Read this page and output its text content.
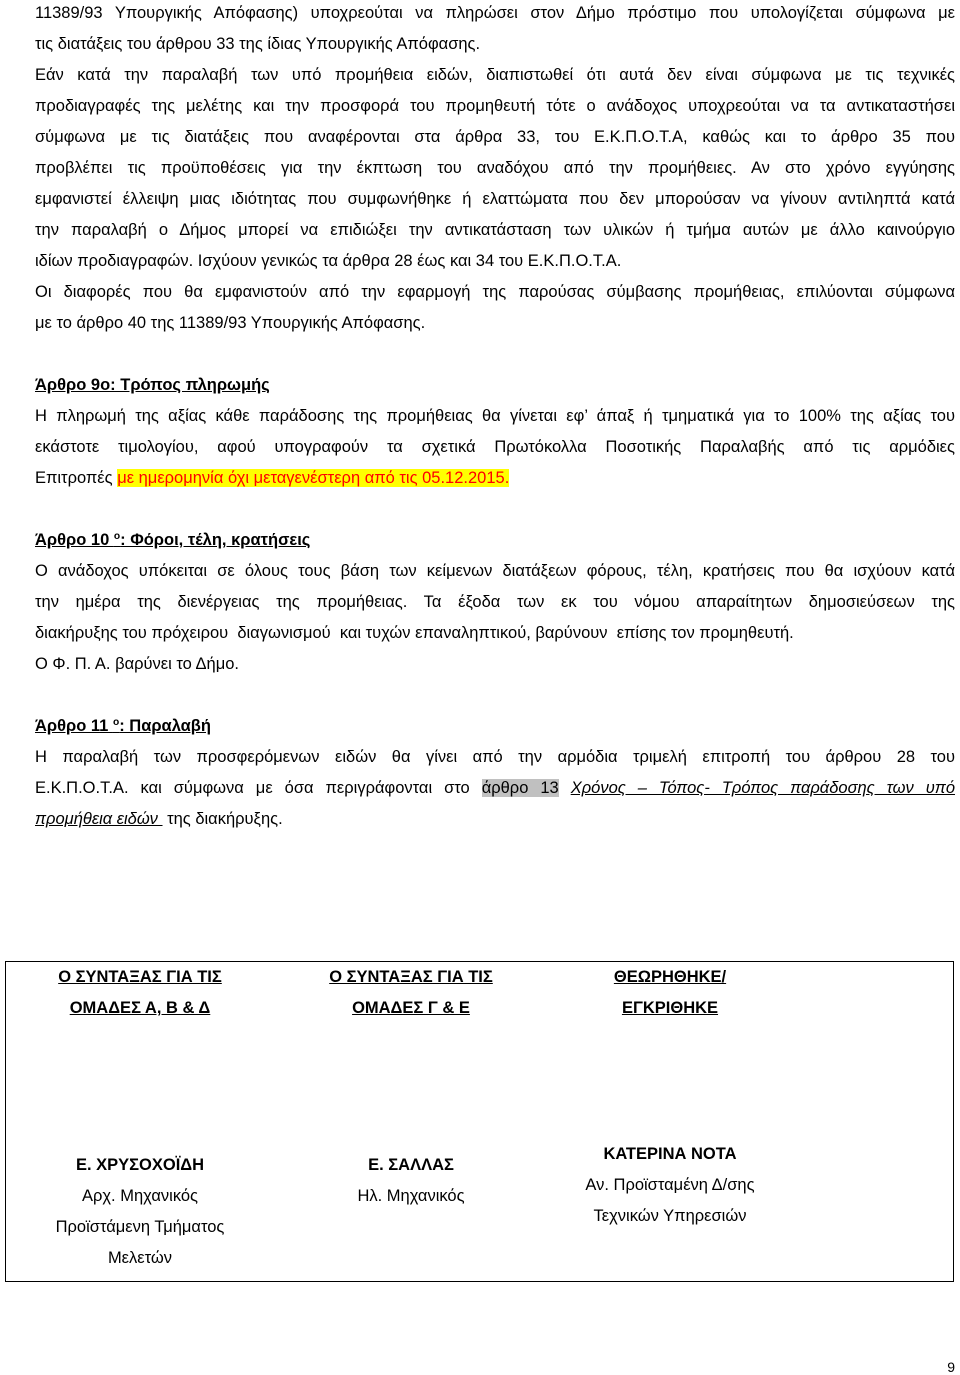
11389/93 Υπουργικής Απόφασης) υποχρεούται να πληρώσει στον Δήμο πρόστιμο που υπολογίζεται σύμφωνα με
τις διατάξεις του άρθρου 33 της ίδιας Υπουργικής Απόφασης.
Εάν κατά την παραλαβή των υπό προμήθεια ειδών, διαπιστωθεί ότι αυτά δεν είναι σύμφωνα με τις τεχνικές
προδιαγραφές της μελέτης και την προσφορά του προμηθευτή τότε ο ανάδοχος υποχρεούται να τα αντικαταστήσει
σύμφωνα με τις διατάξεις που αναφέρονται στα άρθρα 33, του Ε.Κ.Π.Ο.Τ.Α, καθώς και το άρθρο 35 που
προβλέπει τις προϋποθέσεις για την έκπτωση του αναδόχου από την προμήθειες. Αν στο χρόνο εγγύησης
εμφανιστεί έλλειψη μιας ιδιότητας που συμφωνήθηκε ή ελαττώματα που δεν μπορούσαν να γίνουν αντιληπτά κατά
την παραλαβή ο Δήμος μπορεί να επιδιώξει την αντικατάσταση των υλικών ή τμήμα αυτών με άλλο καινούργιο
ιδίων προδιαγραφών. Ισχύουν γενικώς τα άρθρα 28 έως και 34 του Ε.Κ.Π.Ο.Τ.Α.
Οι διαφορές που θα εμφανιστούν από την εφαρμογή της παρούσας σύμβασης προμήθειας, επιλύονται σύμφωνα
με το άρθρο 40 της 11389/93 Υπουργικής Απόφασης.
Άρθρο 9ο: Τρόπος πληρωμής
Η πληρωμή της αξίας κάθε παράδοσης της προμήθειας θα γίνεται εφ’ άπαξ ή τμηματικά για το 100% της αξίας του
εκάστοτε τιμολογίου, αφού υπογραφούν τα σχετικά Πρωτόκολλα Ποσοτικής Παραλαβής από τις αρμόδιες
Επιτροπές με ημερομηνία όχι μεταγενέστερη από τις 05.12.2015.
Άρθρο 10 $^o$: Φόροι, τέλη, κρατήσεις
Ο ανάδοχος υπόκειται σε όλους τους βάση των κείμενων διατάξεων φόρους, τέλη, κρατήσεις που θα ισχύουν κατά
την ημέρα της διενέργειας της προμήθειας. Τα έξοδα των εκ του νόμου απαραίτητων δημοσιεύσεων της
διακήρυξης του πρόχειρου  διαγωνισμού  και τυχών επαναληπτικού, βαρύνουν  επίσης τον προμηθευτή.
Ο Φ. Π. Α. βαρύνει το Δήμο.
Άρθρο 11 $^o$: Παραλαβή
Η παραλαβή των προσφερόμενων ειδών θα γίνει από την αρμόδια τριμελή επιτροπή του άρθρου 28 του
Ε.Κ.Π.Ο.Τ.Α. και σύμφωνα με όσα περιγράφονται στο άρθρο 13 Χρόνος – Τόπος- Τρόπος παράδοσης των υπό
προμήθεια ειδών  της διακήρυξης.
Ο ΣΥΝΤΑΞΑΣ ΓΙΑ ΤΙΣ
ΟΜΑΔΕΣ Α, Β & Δ
Ε. ΧΡΥΣΟΧΟΪΔΗ
Αρχ. Μηχανικός
Προϊστάμενη Τμήματος
Μελετών
Ο ΣΥΝΤΑΞΑΣ ΓΙΑ ΤΙΣ
ΟΜΑΔΕΣ Γ & Ε
Ε. ΣΑΛΛΑΣ
Ηλ. Μηχανικός
ΘΕΩΡΗΘΗΚΕ/
ΕΓΚΡΙΘΗΚΕ
ΚΑΤΕΡΙΝΑ ΝΟΤΑ
Αν. Προϊσταμένη Δ/σης
Τεχνικών Υπηρεσιών
9
